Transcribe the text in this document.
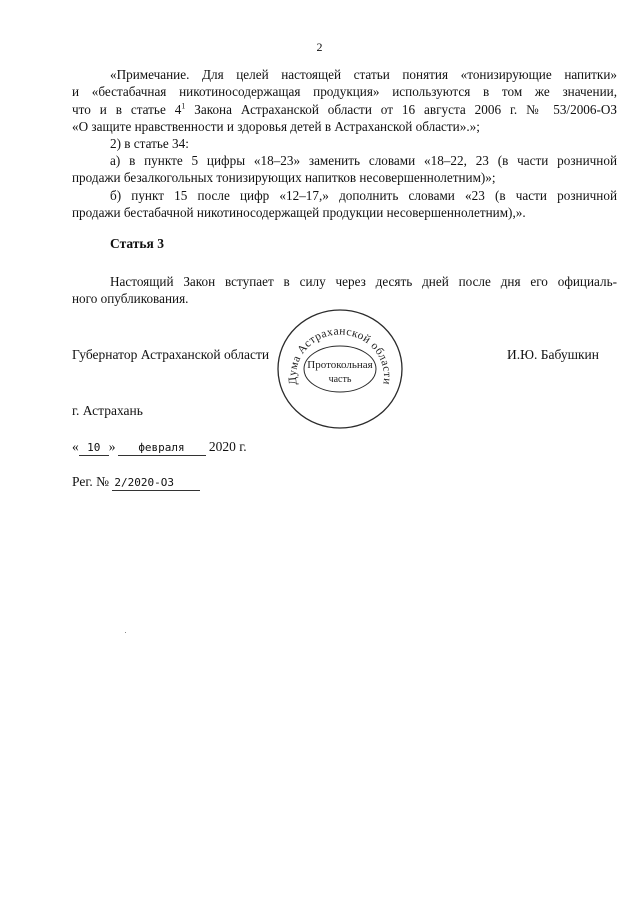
2
«Примечание. Для целей настоящей статьи понятия «тонизирующие напитки»
и «бестабачная никотиносодержащая продукция» используются в том же значении,
что и в статье $4^1$ Закона Астраханской области от 16 августа 2006 г. № 53/2006-ОЗ
«О защите нравственности и здоровья детей в Астраханской области».»;
2) в статье 34:
а) в пункте 5 цифры «18–23» заменить словами «18–22, 23 (в части розничной
продажи безалкогольных тонизирующих напитков несовершеннолетним)»;
б) пункт 15 после цифр «12–17,» дополнить словами «23 (в части розничной
продажи бестабачной никотиносодержащей продукции несовершеннолетним),».
Статья 3
Настоящий Закон вступает в силу через десять дней после дня его официаль-
ного опубликования.
Губернатор Астраханской области	И.Ю. Бабушкин
Дума Астраханской области
Протокольная
часть
г. Астрахань
« 10 » февраля 2020 г.
Рег. № 2/2020-ОЗ
